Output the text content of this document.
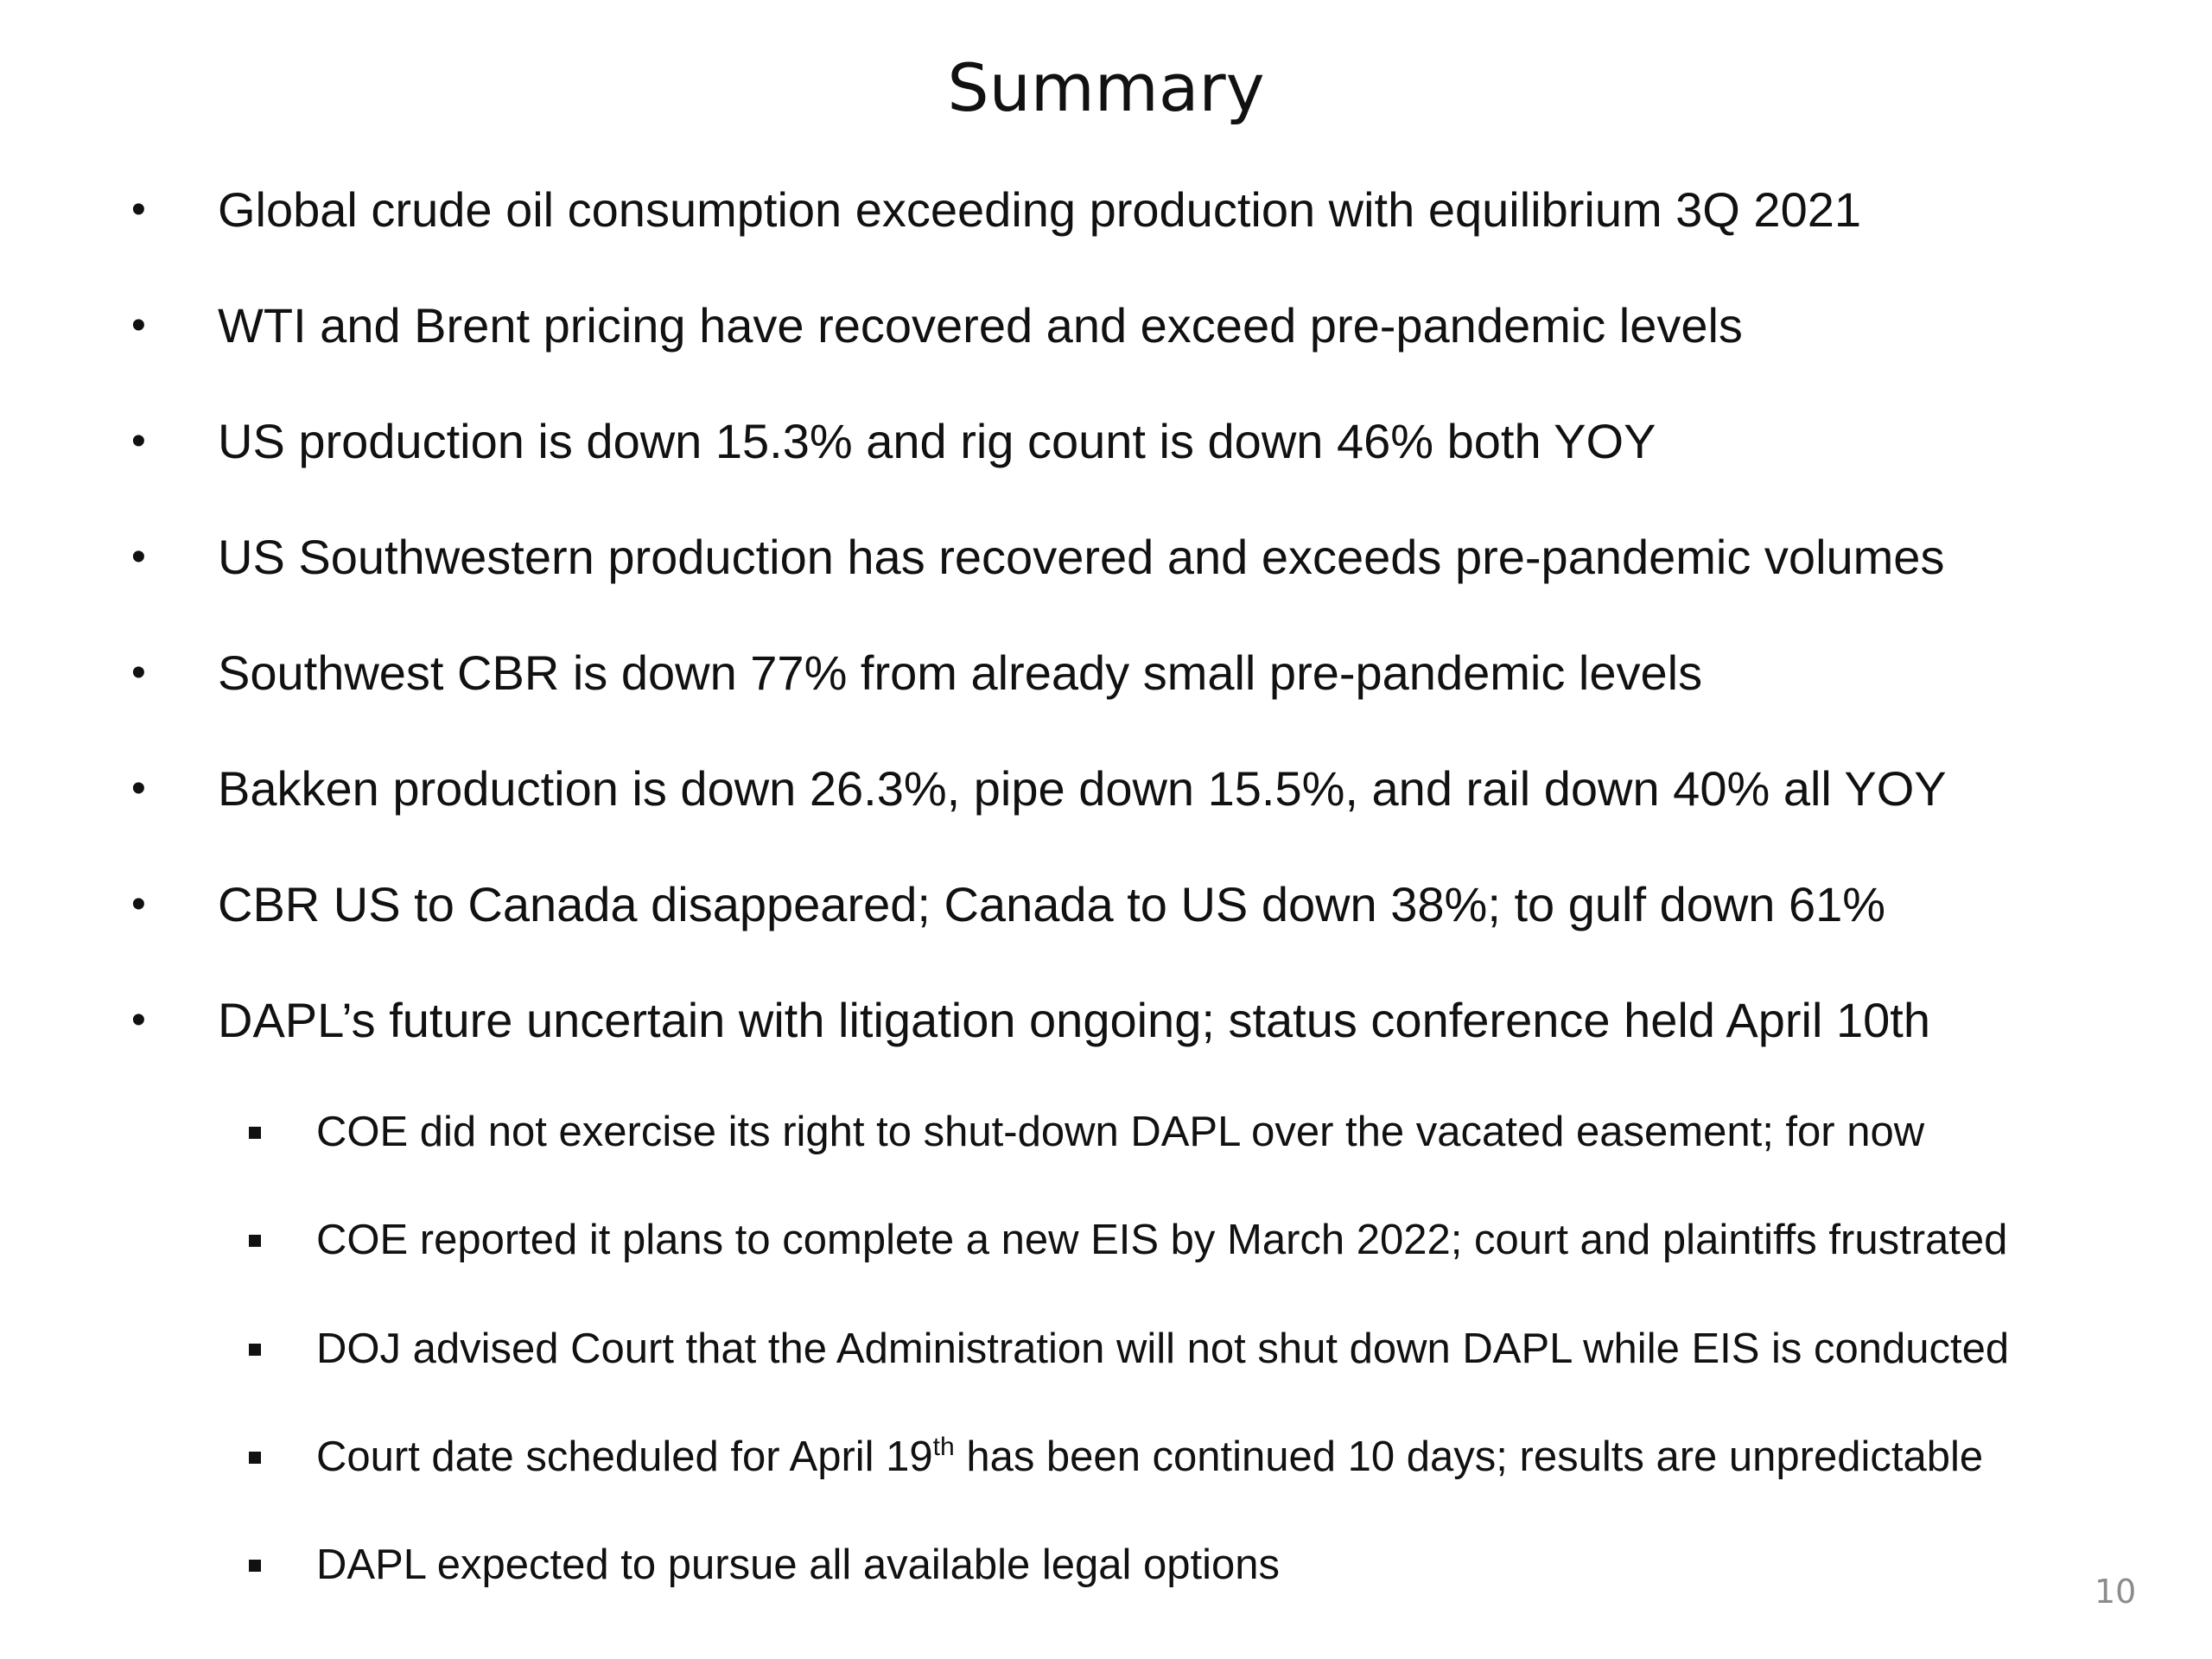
Summary
• Global crude oil consumption exceeding production with equilibrium 3Q 2021
• WTI and Brent pricing have recovered and exceed pre-pandemic levels
• US production is down 15.3% and rig count is down 46% both YOY
• US Southwestern production has recovered and exceeds pre-pandemic volumes
• Southwest CBR is down 77% from already small pre-pandemic levels
• Bakken production is down 26.3%, pipe down 15.5%, and rail down 40% all YOY
• CBR US to Canada disappeared; Canada to US down 38%; to gulf down 61%
• DAPL’s future uncertain with litigation ongoing; status conference held April 10th
COE did not exercise its right to shut-down DAPL over the vacated easement; for now
COE reported it plans to complete a new EIS by March 2022; court and plaintiffs frustrated
DOJ advised Court that the Administration will not shut down DAPL while EIS is conducted
Court date scheduled for April 19th has been continued 10 days; results are unpredictable
DAPL expected to pursue all available legal options
10
